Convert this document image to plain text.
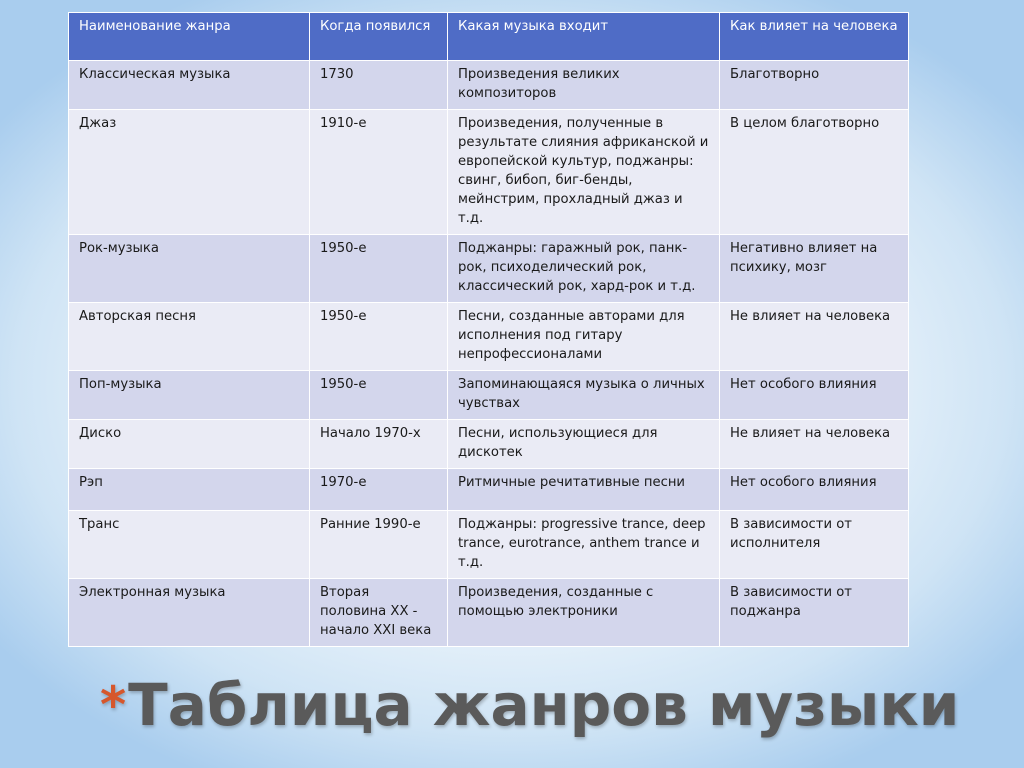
Наименование жанра	Когда появился	Какая музыка входит	Как влияет на человека
Классическая музыка	1730	Произведения великих композиторов	Благотворно
Джаз	1910-е	Произведения, полученные в результате слияния африканской и европейской культур, поджанры: свинг, бибоп, биг-бенды, мейнстрим, прохладный джаз и т.д.	В целом благотворно
Рок-музыка	1950-е	Поджанры: гаражный рок, панк-рок, психоделический рок, классический рок, хард-рок и т.д.	Негативно влияет на психику, мозг
Авторская песня	1950-е	Песни, созданные авторами для исполнения под гитару непрофессионалами	Не влияет на человека
Поп-музыка	1950-е	Запоминающаяся музыка о личных чувствах	Нет особого влияния
Диско	Начало 1970-х	Песни, использующиеся для дискотек	Не влияет на человека
Рэп	1970-е	Ритмичные речитативные песни	Нет особого влияния
Транс	Ранние 1990-е	Поджанры: progressive trance, deep trance, eurotrance, anthem trance и т.д.	В зависимости от исполнителя
Электронная музыка	Вторая половина XX - начало XXI века	Произведения, созданные с помощью электроники	В зависимости от поджанра
*Таблица жанров музыки
